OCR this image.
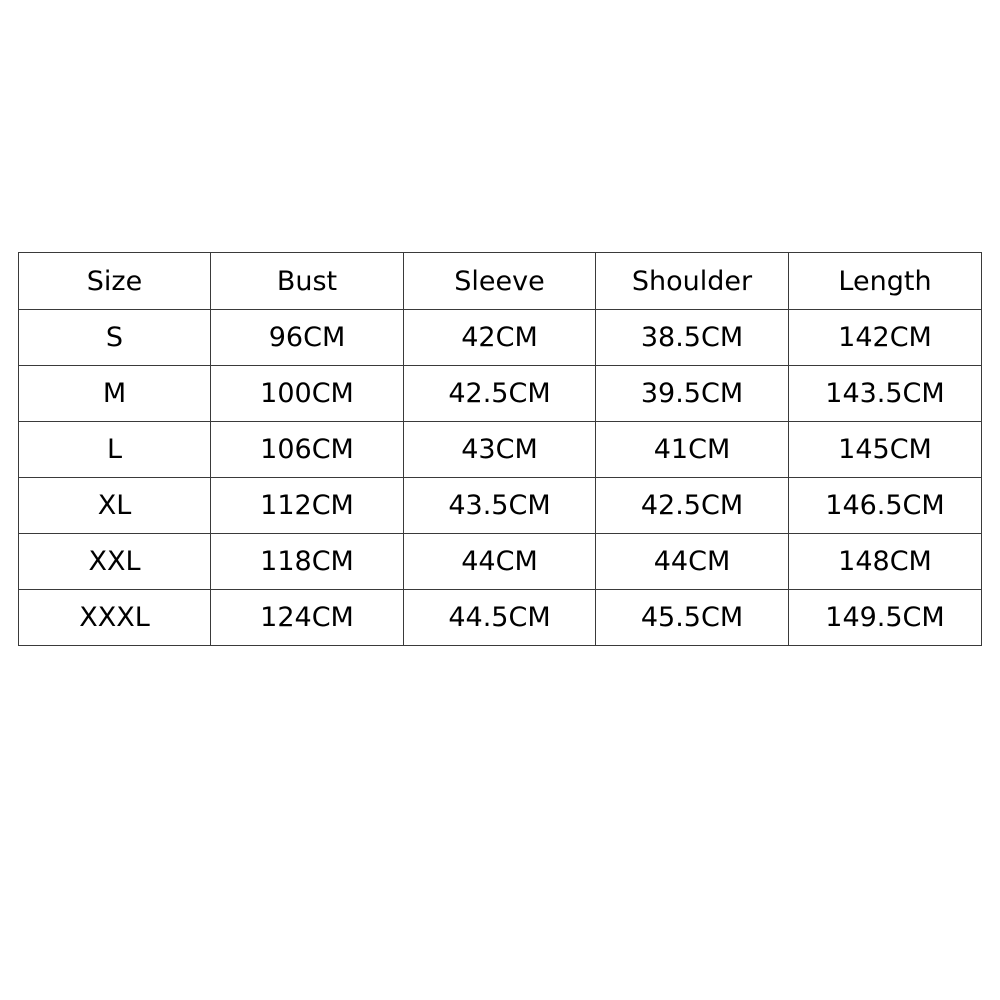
Size	Bust	Sleeve	Shoulder	Length
S	96CM	42CM	38.5CM	142CM
M	100CM	42.5CM	39.5CM	143.5CM
L	106CM	43CM	41CM	145CM
XL	112CM	43.5CM	42.5CM	146.5CM
XXL	118CM	44CM	44CM	148CM
XXXL	124CM	44.5CM	45.5CM	149.5CM
